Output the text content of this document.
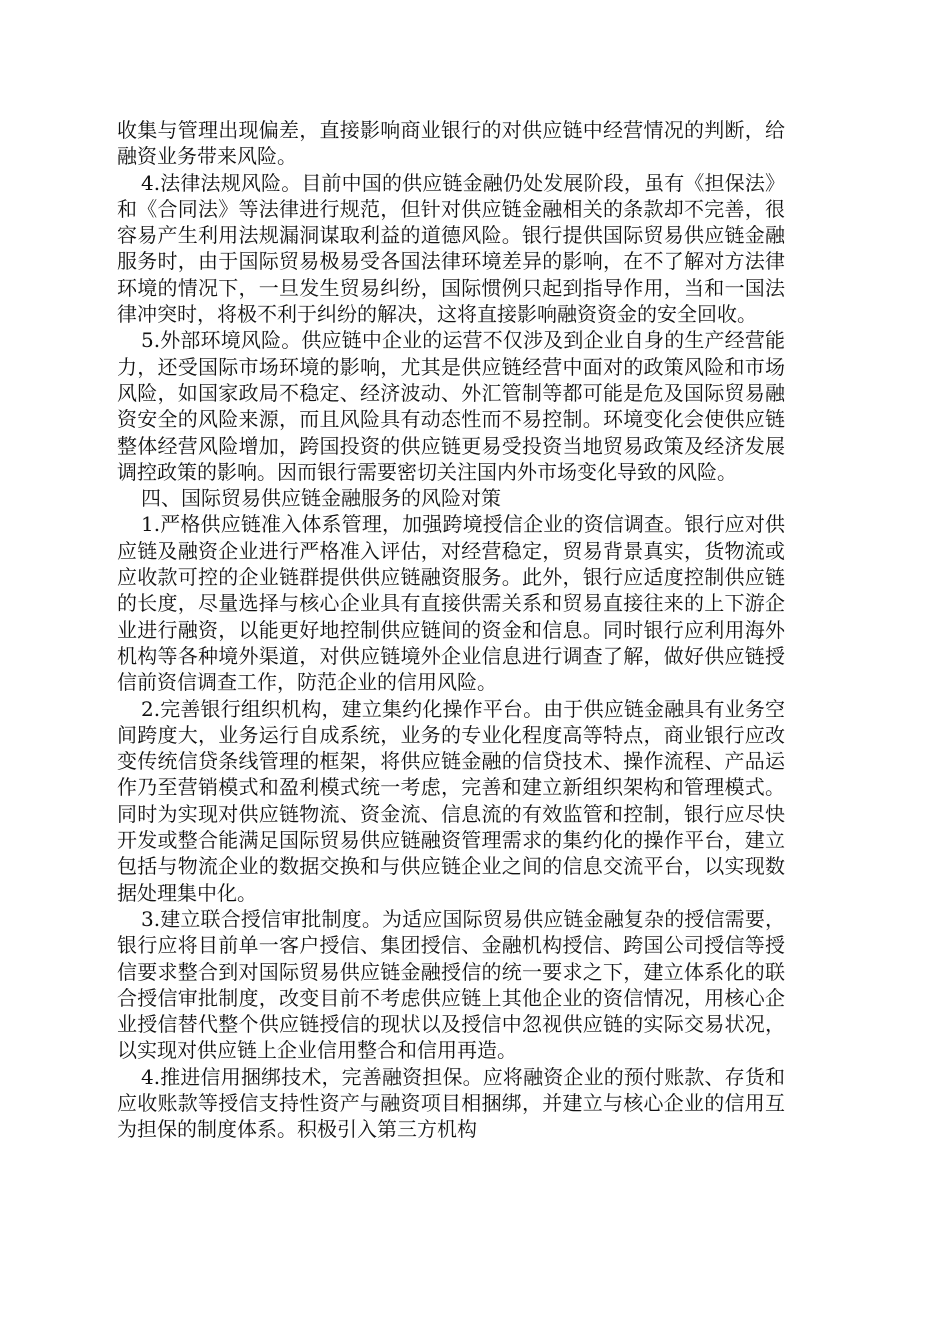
收集与管理出现偏差，直接影响商业银行的对供应链中经营情况的判断，给融资业务带来风险。

4.法律法规风险。目前中国的供应链金融仍处发展阶段，虽有《担保法》和《合同法》等法律进行规范，但针对供应链金融相关的条款却不完善，很容易产生利用法规漏洞谋取利益的道德风险。银行提供国际贸易供应链金融服务时，由于国际贸易极易受各国法律环境差异的影响，在不了解对方法律环境的情况下，一旦发生贸易纠纷，国际惯例只起到指导作用，当和一国法律冲突时，将极不利于纠纷的解决，这将直接影响融资资金的安全回收。

5.外部环境风险。供应链中企业的运营不仅涉及到企业自身的生产经营能力，还受国际市场环境的影响，尤其是供应链经营中面对的政策风险和市场风险，如国家政局不稳定、经济波动、外汇管制等都可能是危及国际贸易融资安全的风险来源，而且风险具有动态性而不易控制。环境变化会使供应链整体经营风险增加，跨国投资的供应链更易受投资当地贸易政策及经济发展调控政策的影响。因而银行需要密切关注国内外市场变化导致的风险。

四、国际贸易供应链金融服务的风险对策

1.严格供应链准入体系管理，加强跨境授信企业的资信调查。银行应对供应链及融资企业进行严格准入评估，对经营稳定，贸易背景真实，货物流或应收款可控的企业链群提供供应链融资服务。此外，银行应适度控制供应链的长度，尽量选择与核心企业具有直接供需关系和贸易直接往来的上下游企业进行融资，以能更好地控制供应链间的资金和信息。同时银行应利用海外机构等各种境外渠道，对供应链境外企业信息进行调查了解，做好供应链授信前资信调查工作，防范企业的信用风险。

2.完善银行组织机构，建立集约化操作平台。由于供应链金融具有业务空间跨度大，业务运行自成系统，业务的专业化程度高等特点，商业银行应改变传统信贷条线管理的框架，将供应链金融的信贷技术、操作流程、产品运作乃至营销模式和盈利模式统一考虑，完善和建立新组织架构和管理模式。同时为实现对供应链物流、资金流、信息流的有效监管和控制，银行应尽快开发或整合能满足国际贸易供应链融资管理需求的集约化的操作平台，建立包括与物流企业的数据交换和与供应链企业之间的信息交流平台，以实现数据处理集中化。

3.建立联合授信审批制度。为适应国际贸易供应链金融复杂的授信需要，银行应将目前单一客户授信、集团授信、金融机构授信、跨国公司授信等授信要求整合到对国际贸易供应链金融授信的统一要求之下，建立体系化的联合授信审批制度，改变目前不考虑供应链上其他企业的资信情况，用核心企业授信替代整个供应链授信的现状以及授信中忽视供应链的实际交易状况，以实现对供应链上企业信用整合和信用再造。

4.推进信用捆绑技术，完善融资担保。应将融资企业的预付账款、存货和应收账款等授信支持性资产与融资项目相捆绑，并建立与核心企业的信用互为担保的制度体系。积极引入第三方机构
